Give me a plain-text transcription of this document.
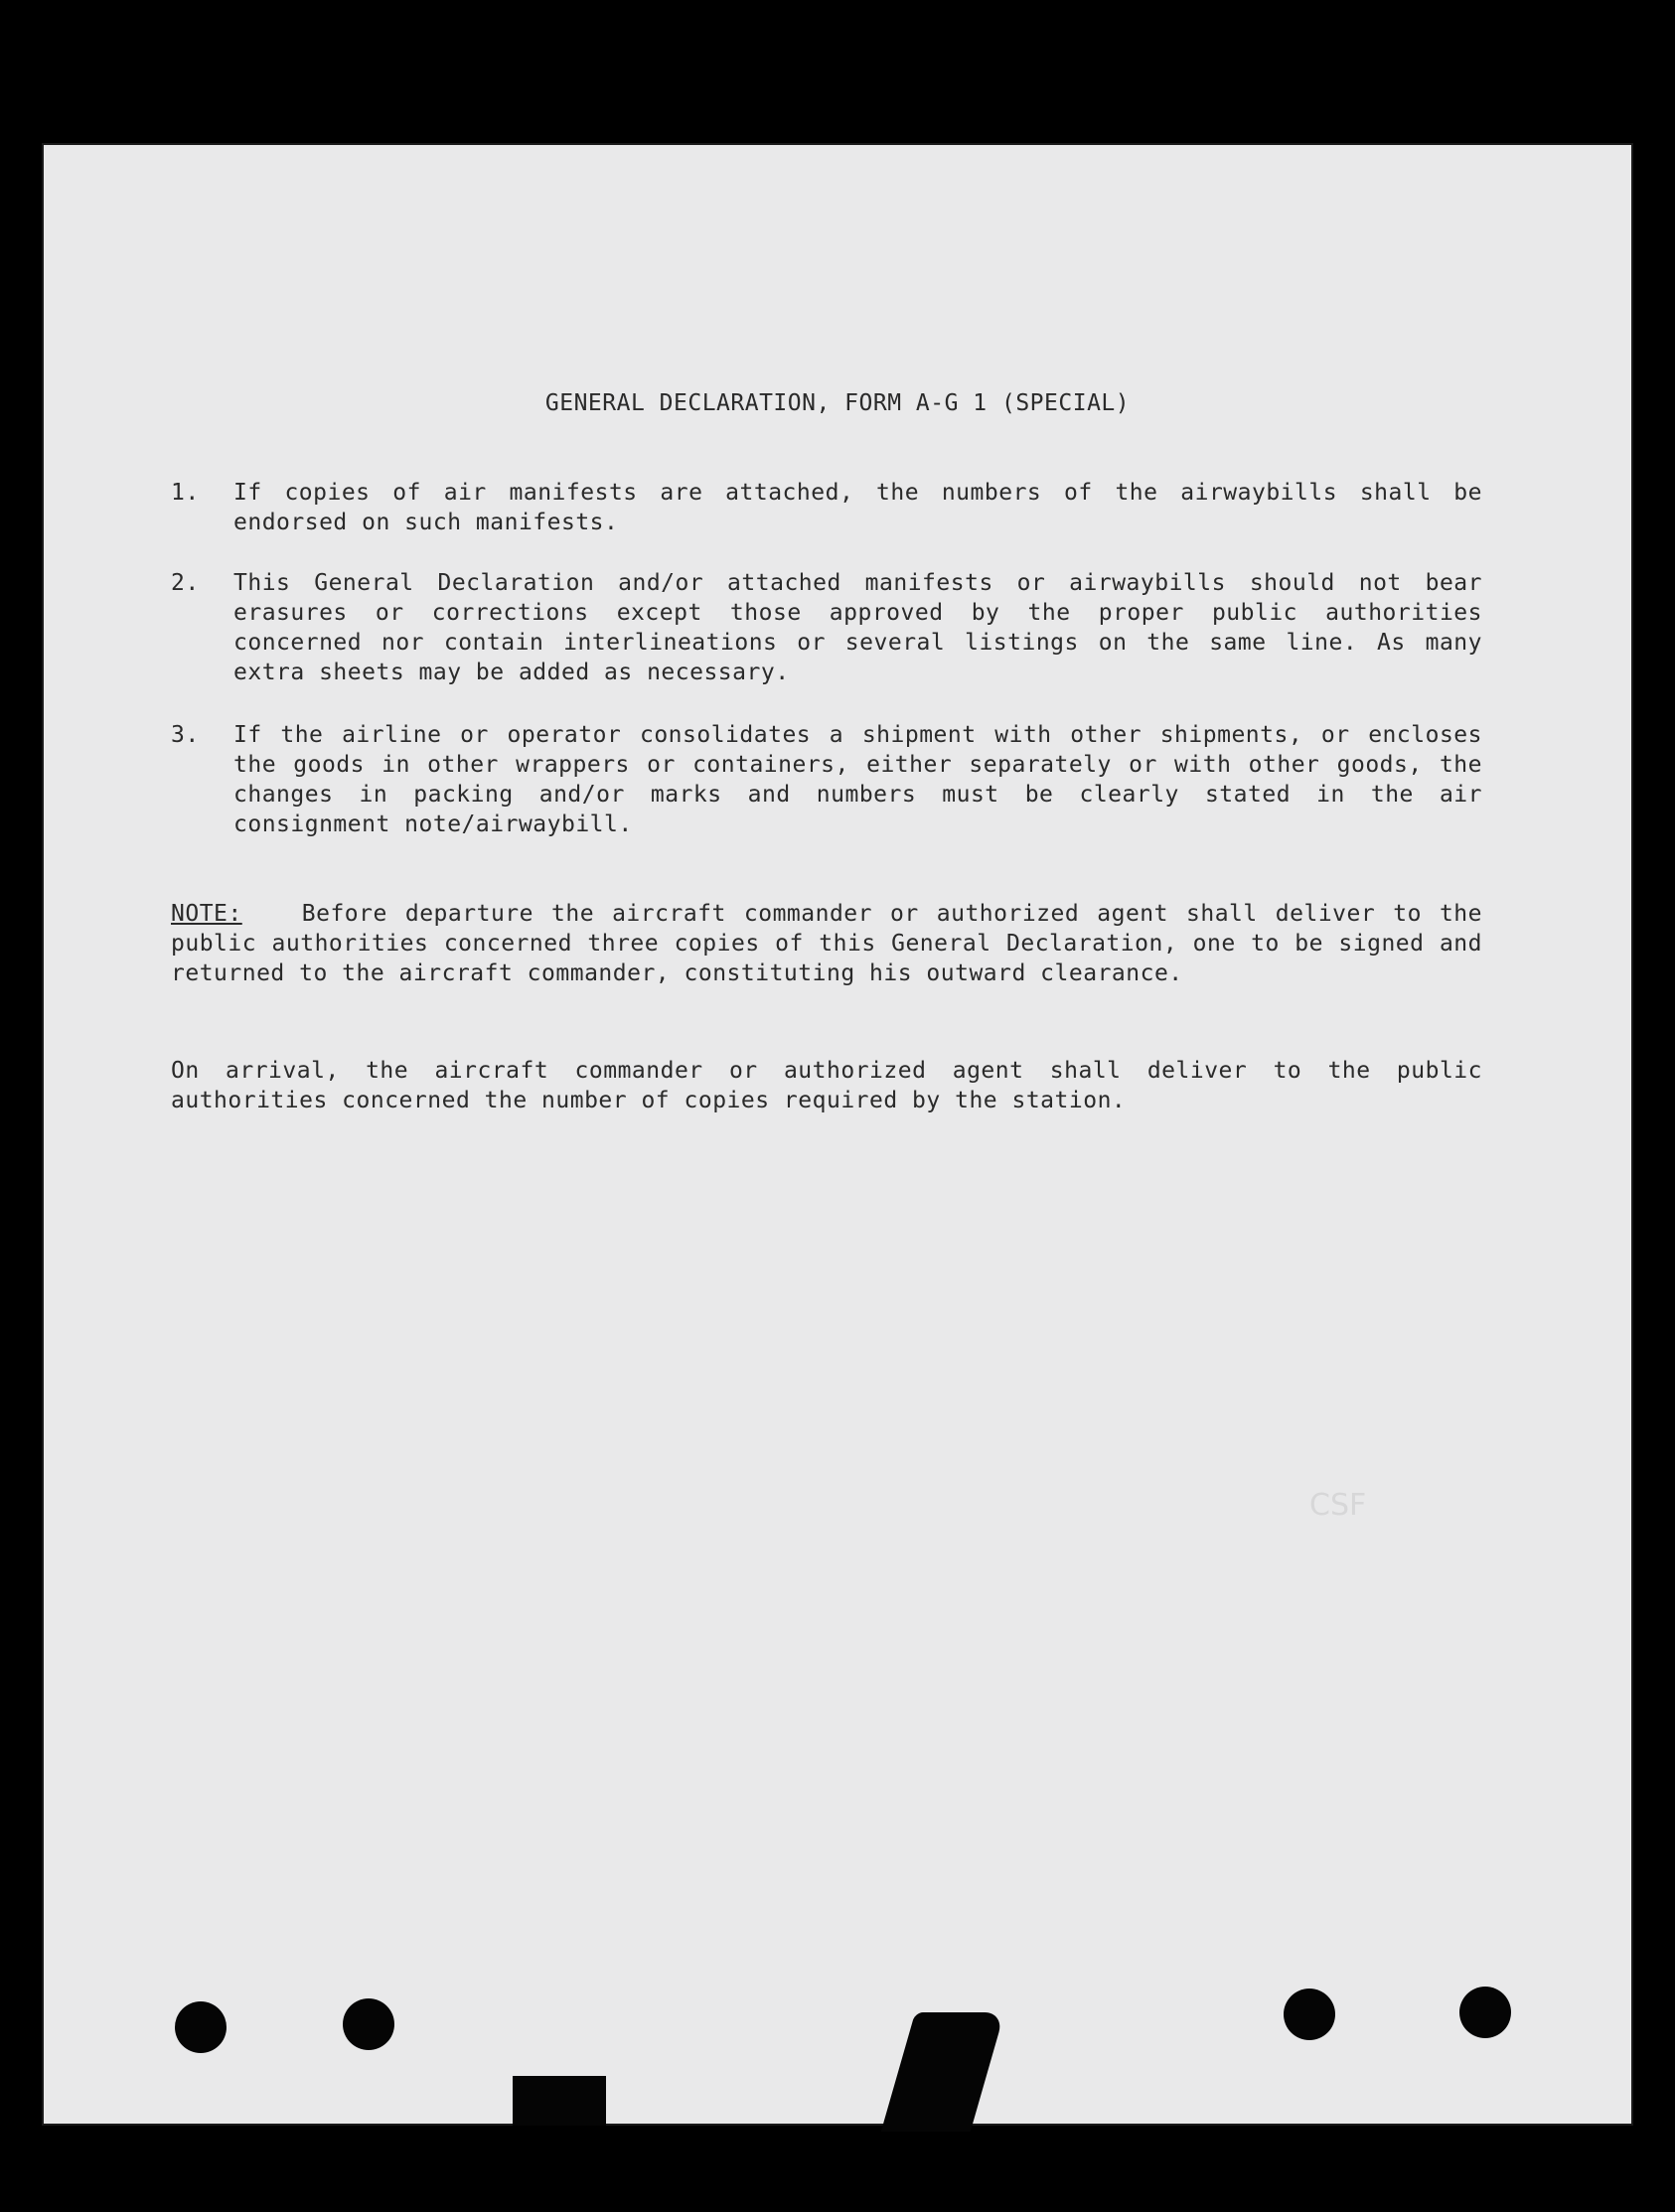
GENERAL DECLARATION, FORM A-G 1 (SPECIAL)
1. If copies of air manifests are attached, the numbers of the airwaybills shall be endorsed on such manifests.
2. This General Declaration and/or attached manifests or airwaybills should not bear erasures or corrections except those approved by the proper public authorities concerned nor contain interlineations or several listings on the same line. As many extra sheets may be added as necessary.
3. If the airline or operator consolidates a shipment with other shipments, or encloses the goods in other wrappers or containers, either separately or with other goods, the changes in packing and/or marks and numbers must be clearly stated in the air consignment note/airwaybill.
NOTE:	Before departure the aircraft commander or authorized agent shall deliver to the public authorities concerned three copies of this General Declaration, one to be signed and returned to the aircraft commander, constituting his outward clearance.
On arrival, the aircraft commander or authorized agent shall deliver to the public authorities concerned the number of copies required by the station.
CSF
